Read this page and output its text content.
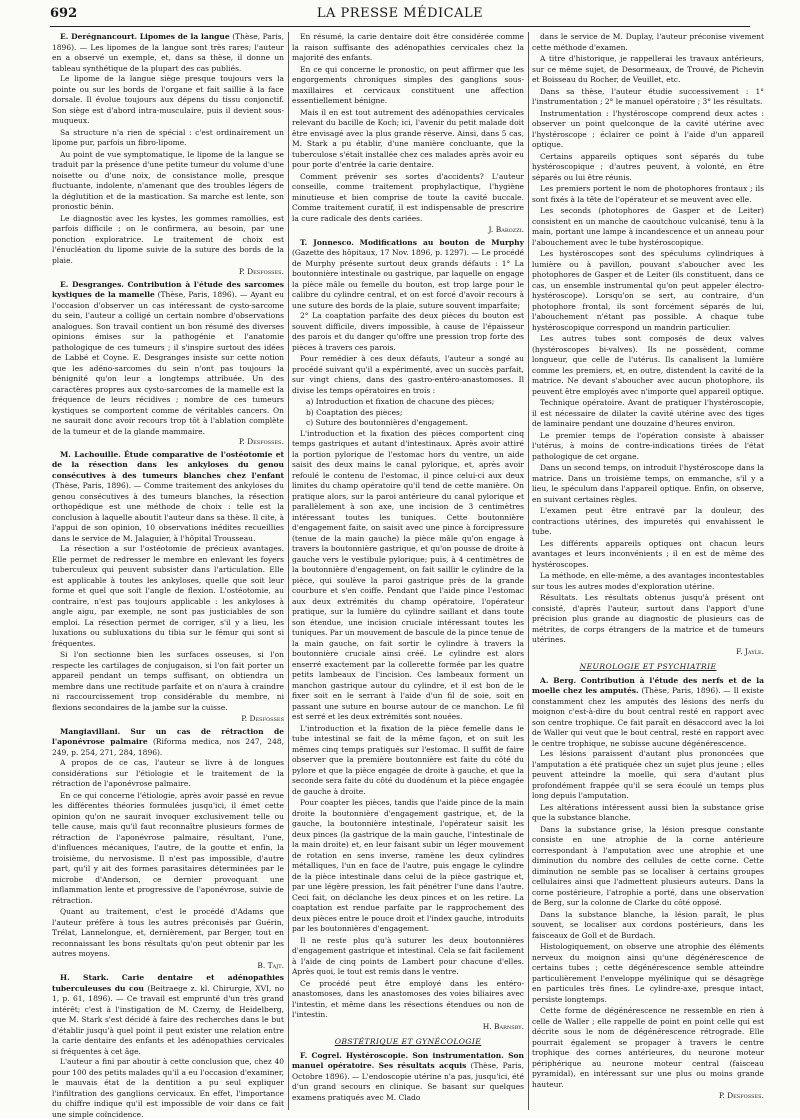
692	LA PRESSE MÉDICALE

E. Derégnancourt. Lipomes de la langue (Thèse, Paris, 1896). — Les lipomes de la langue sont très rares; l'auteur en a observé un exemple, et, dans sa thèse, il donne un tableau synthétique de la plupart des cas publiés.

Le lipome de la langue siège presque toujours vers la pointe ou sur les bords de l'organe et fait saillie à la face dorsale. Il évolue toujours aux dépens du tissu conjonctif. Son siège est d'abord intra-musculaire, puis il devient sous-muqueux.

Sa structure n'a rien de spécial : c'est ordinairement un lipome pur, parfois un fibro-lipome.

Au point de vue symptomatique, le lipome de la langue se traduit par la présence d'une petite tumeur du volume d'une noisette ou d'une noix, de consistance molle, presque fluctuante, indolente, n'amenant que des troubles légers de la déglutition et de la mastication. Sa marche est lente, son pronostic bénin.

Le diagnostic avec les kystes, les gommes ramollies, est parfois difficile ; on le confirmera, au besoin, par une ponction exploratrice. Le traitement de choix est l'énucléation du lipome suivie de la suture des bords de la plaie.

P. Desfosses.

E. Desgranges. Contribution à l'étude des sarcomes kystiques de la mamelle (Thèse, Paris, 1896). — Ayant eu l'occasion d'observer un cas intéressant de cysto-sarcome du sein, l'auteur a colligé un certain nombre d'observations analogues. Son travail contient un bon résumé des diverses opinions émises sur la pathogénie et l'anatomie pathologique de ces tumeurs ; il s'inspire surtout des idées de Labbé et Coyne. E. Desgranges insiste sur cette notion que les adéno-sarcomes du sein n'ont pas toujours la bénignité qu'on leur a longtemps attribuée. Un des caractères propres aux cysto-sarcomes de la mamelle est la fréquence de leurs récidives ; nombre de ces tumeurs kystiques se comportent comme de véritables cancers. On ne saurait donc avoir recours trop tôt à l'ablation complète de la tumeur et de la glande mammaire.

P. Desfosses.

M. Lachouille. Étude comparative de l'ostéotomie et de la résection dans les ankyloses du genou consécutives à des tumeurs blanches chez l'enfant (Thèse, Paris, 1896). — Comme traitement des ankyloses du genou consécutives à des tumeurs blanches, la résection orthopédique est une méthode de choix : telle est la conclusion à laquelle aboutit l'auteur dans sa thèse. Il cite, à l'appui de son opinion, 10 observations inédites recueillies dans le service de M. Jalaguier, à l'hôpital Trousseau.

La résection a sur l'ostéotomie de précieux avantages. Elle permet de redresser le membre en enlevant les foyers tuberculeux qui peuvent subsister dans l'articulation. Elle est applicable à toutes les ankyloses, quelle que soit leur forme et quel que soit l'angle de flexion. L'ostéotomie, au contraire, n'est pas toujours applicable : les ankyloses à angle aigu, par exemple, ne sont pas justiciables de son emploi. La résection permet de corriger, s'il y a lieu, les luxations ou subluxations du tibia sur le fémur qui sont si fréquentes.

Si l'on sectionne bien les surfaces osseuses, si l'on respecte les cartilages de conjugaison, si l'on fait porter un appareil pendant un temps suffisant, on obtiendra un membre dans une rectitude parfaite et on n'aura à craindre ni raccourcissement trop considérable du membre, ni flexions secondaires de la jambe sur la cuisse.

P. Desfosses

Mangiavillani. Sur un cas de rétraction de l'aponévrose palmaire (Riforma medica, nos 247, 248, 249, p. 254, 271, 284, 1896).

A propos de ce cas, l'auteur se livre à de longues considérations sur l'étiologie et le traitement de la rétraction de l'aponévrose palmaire.

En ce qui concerne l'étiologie, après avoir passé en revue les différentes théories formulées jusqu'ici, il émet cette opinion qu'on ne saurait invoquer exclusivement telle ou telle cause, mais qu'il faut reconnaître plusieurs formes de rétraction de l'aponévrose palmaire, résultant, l'une, d'influences mécaniques, l'autre, de la goutte et enfin, la troisième, du nervosisme. Il n'est pas impossible, d'autre part, qu'il y ait des formes parasitaires déterminées par le microbe d'Anderson, ce dernier provoquant une inflammation lente et progressive de l'aponévrose, suivie de rétraction.

Quant au traitement, c'est le procédé d'Adams que l'auteur préfère à tous les autres préconisés par Guérin, Trélat, Lannelongue, et, dernièrement, par Berger, tout en reconnaissant les bons résultats qu'on peut obtenir par les autres moyens.

B. Tajt.

H. Stark. Carie dentaire et adénopathies tuberculeuses du cou (Beitraege z. kl. Chirurgie, XVI, no 1, p. 61, 1896). — Ce travail est emprunté d'un très grand intérêt; c'est à l'instigation de M. Czerny, de Heidelberg, que M. Stark s'est décidé à faire des recherches dans le but d'établir jusqu'à quel point il peut exister une relation entre la carie dentaire des enfants et les adénopathies cervicales si fréquentes à cet âge.

L'auteur a fini par aboutir à cette conclusion que, chez 40 pour 100 des petits malades qu'il a eu l'occasion d'examiner, le mauvais état de la dentition a pu seul expliquer l'infiltration des ganglions cervicaux. En effet, l'importance du chiffre indique qu'il est impossible de voir dans ce fait une simple coïncidence.

En résumé, la carie dentaire doit être considérée comme la raison suffisante des adénopathies cervicales chez la majorité des enfants.

En ce qui concerne le pronostic, on peut affirmer que les engorgements chroniques simples des ganglions sous-maxillaires et cervicaux constituent une affection essentiellement bénigne.

Mais il en est tout autrement des adénopathies cervicales relevant du bacille de Koch; ici, l'avenir du petit malade doit être envisagé avec la plus grande réserve. Ainsi, dans 5 cas, M. Stark a pu établir, d'une manière concluante, que la tuberculose s'était installée chez ces malades après avoir eu pour porte d'entrée la carie dentaire.

Comment prévenir ses sortes d'accidents? L'auteur conseille, comme traitement prophylactique, l'hygiène minutieuse et bien comprise de toute la cavité buccale. Comme traitement curatif, il est indispensable de prescrire la cure radicale des dents cariées.

J. Barozzi.

T. Jonnesco. Modifications au bouton de Murphy (Gazette des hôpitaux, 17 Nov. 1896, p. 1297). — Le procédé de Murphy présente surtout deux grands défauts : 1° La boutonnière intestinale ou gastrique, par laquelle on engage la pièce mâle ou femelle du bouton, est trop large pour le calibre du cylindre central, et on est forcé d'avoir recours à une suture des bords de la plaie, suture souvent imparfaite;

2° La coaptation parfaite des deux pièces du bouton est souvent difficile, divers impossible, à cause de l'épaisseur des parois et du danger qu'offre une pression trop forte des pièces à travers ces parois.

Pour remédier à ces deux défauts, l'auteur a songé au procédé suivant qu'il a expérimenté, avec un succès parfait, sur vingt chiens, dans des gastro-entéro-anastomoses. Il divise les temps opératoires en trois :

a) Introduction et fixation de chacune des pièces;

b) Coaptation des pièces;

c) Suture des boutonnières d'engagement.

L'introduction et la fixation des pièces comportent cinq temps gastriques et autant d'intestinaux. Après avoir attiré la portion pylorique de l'estomac hors du ventre, un aide saisit des deux mains le canal pylorique, et, après avoir refoulé le contenu de l'estomac, il pince celui-ci aux deux limites du champ opératoire qu'il tend de cette manière. On pratique alors, sur la paroi antérieure du canal pylorique et parallèlement à son axe, une incision de 3 centimètres intéressant toutes les tuniques. Cette boutonnière d'engagement faite, on saisit avec une pince à forcipressure (tenue de la main gauche) la pièce mâle qu'on engage à travers la boutonnière gastrique, et qu'on pousse de droite à gauche vers le vestibule pylorique; puis, à 4 centimètres de la boutonnière d'engagement, on fait saillir le cylindre de la pièce, qui soulève la paroi gastrique près de la grande courbure et s'en coiffe. Pendant que l'aide pince l'estomac aux deux extrémités du champ opératoire, l'opérateur pratique, sur la lumière du cylindre saillant et dans toute son étendue, une incision cruciale intéressant toutes les tuniques. Par un mouvement de bascule de la pince tenue de la main gauche, on fait sortir le cylindre à travers la boutonnière cruciale ainsi créé. Le cylindre est alors enserré exactement par la collerette formée par les quatre petits lambeaux de l'incision. Ces lambeaux forment un manchon gastrique autour du cylindre, et il est bon de le fixer soit en le serrant à l'aide d'un fil de soie, soit en passant une suture en bourse autour de ce manchon. Le fil est serré et les deux extrémités sont nouées.

L'introduction et la fixation de la pièce femelle dans le tube intestinal se fait de la même façon, et on suit les mêmes cinq temps pratiqués sur l'estomac. Il suffit de faire observer que la première boutonnière est faite du côté du pylore et que la pièce engagée de droite à gauche, et que la seconde sera faite du côté du duodénum et la pièce engagée de gauche à droite.

Pour coapter les pièces, tandis que l'aide pince de la main droite la boutonnière d'engagement gastrique, et, de la gauche, la boutonnière intestinale, l'opérateur saisit les deux pinces (la gastrique de la main gauche, l'intestinale de la main droite) et, en leur faisant subir un léger mouvement de rotation en sens inverse, ramène les deux cylindres métalliques, l'un en face de l'autre, puis engage le cylindre de la pièce intestinale dans celui de la pièce gastrique et, par une légère pression, les fait pénétrer l'une dans l'autre. Ceci fait, on déclanche les deux pinces et on les retire. La coaptation est rendue parfaite par le rapprochement des deux pièces entre le pouce droit et l'index gauche, introduits par les boutonnières d'engagement.

Il ne reste plus qu'à suturer les deux boutonnières d'engagement gastrique et intestinal. Cela se fait facilement à l'aide de cinq points de Lambert pour chacune d'elles. Après quoi, le tout est remis dans le ventre.

Ce procédé peut être employé dans les entéro-anastomoses, dans les anastomoses des voies biliaires avec l'intestin, et même dans les résections étendues ou non de l'intestin.

H. Barnsby.

OBSTÉTRIQUE ET GYNÉCOLOGIE

F. Cogrel. Hystéroscopie. Son instrumentation. Son manuel opératoire. Ses résultats acquis (Thèse, Paris, Octobre 1896). — L'endoscopie utérine n'a pas, jusqu'ici, été d'un grand secours en clinique. Se basant sur quelques examens pratiqués avec M. Clado

dans le service de M. Duplay, l'auteur préconise vivement cette méthode d'examen.

A titre d'historique, je rappellerai les travaux antérieurs, sur ce même sujet, de Desormeaux, de Trouvé, de Pichevin et Boisseau du Rocher, de Veuillet, etc.

Dans sa thèse, l'auteur étudie successivement : 1° l'instrumentation ; 2° le manuel opératoire ; 3° les résultats.

Instrumentation : l'hystéroscope comprend deux actes : observer un point quelconque de la cavité utérine avec l'hystéroscope ; éclairer ce point à l'aide d'un appareil optique.

Certains appareils optiques sont séparés du tube hystéroscopique ; d'autres peuvent, à volonté, en être séparés ou lui être réunis.

Les premiers portent le nom de photophores frontaux ; ils sont fixés à la tête de l'opérateur et se meuvent avec elle.

Les seconds (photophores de Gasper et de Leiter) consistent en un manche de caoutchouc vulcanisé, tenu à la main, portant une lampe à incandescence et un anneau pour l'abouchement avec le tube hystéroscopique.

Les hystéroscopes sont des spéculums cylindriques à lumière ou à pavillon, pouvant s'aboucher avec les photophores de Gasper et de Leiter (ils constituent, dans ce cas, un ensemble instrumental qu'on peut appeler électro-hystéroscope). Lorsqu'on se sert, au contraire, d'un photophore frontal, ils sont forcément séparés de lui, l'abouchement n'étant pas possible. A chaque tube hystéroscopique correspond un mandrin particulier.

Les autres tubes sont composés de deux valves (hystéroscopes bi-valves). Ils ne possèdent, comme longueur, que celle de l'utérus. Ils canalisent la lumière comme les premiers, et, en outre, distendent la cavité de la matrice. Ne devant s'aboucher avec aucun photophore, ils peuvent être employés avec n'importe quel appareil optique.

Technique opératoire. Avant de pratiquer l'hystéroscopie, il est nécessaire de dilater la cavité utérine avec des tiges de laminaire pendant une douzaine d'heures environ.

Le premier temps de l'opération consiste à abaisser l'utérus, à moins de contre-indications tirées de l'état pathologique de cet organe.

Dans un second temps, on introduit l'hystéroscope dans la matrice. Dans un troisième temps, on emmanche, s'il y a lieu, le spéculum dans l'appareil optique. Enfin, on observe, en suivant certaines règles.

L'examen peut être entravé par la douleur, des contractions utérines, des impuretés qui envahissent le tube.

Les différents appareils optiques ont chacun leurs avantages et leurs inconvénients ; il en est de même des hystéroscopes.

La méthode, en elle-même, a des avantages incontestables sur tous les autres modes d'exploration utérine.

Résultats. Les résultats obtenus jusqu'à présent ont consisté, d'après l'auteur, surtout dans l'apport d'une précision plus grande au diagnostic de plusieurs cas de métrites, de corps étrangers de la matrice et de tumeurs utérines.

F. Jayle.

NEUROLOGIE ET PSYCHIATRIE

A. Berg. Contribution à l'étude des nerfs et de la moelle chez les amputés. (Thèse, Paris, 1896). — Il existe constamment chez les amputés des lésions des nerfs du moignon c'est-à-dire du bout central resté en rapport avec son centre trophique. Ce fait paraît en désaccord avec la loi de Waller qui veut que le bout central, resté en rapport avec le centre trophique, ne subisse aucune dégénérescence.

Les lésions paraissent d'autant plus prononcées que l'amputation a été pratiquée chez un sujet plus jeune ; elles peuvent atteindre la moelle, qui sera d'autant plus profondément frappée qu'il se sera écoulé un temps plus long depuis l'amputation.

Les altérations intéressent aussi bien la substance grise que la substance blanche.

Dans la substance grise, la lésion presque constante consiste en une atrophie de la corne antérieure correspondant à l'amputation avec une atrophie et une diminution du nombre des cellules de cette corne. Cette diminution ne semble pas se localiser à certains groupes cellulaires ainsi que l'admettent plusieurs auteurs. Dans la corne postérieure, l'atrophie a porté, dans une observation de Berg, sur la colonne de Clarke du côté opposé.

Dans la substance blanche, la lésion paraît, le plus souvent, se localiser aux cordons postérieurs, dans les faisceaux de Goll et de Burdach.

Histologiquement, on observe une atrophie des éléments nerveux du moignon ainsi qu'une dégénérescence de certains tubes ; cette dégénérescence semble atteindre particulièrement l'enveloppe myélinique qui se désagrège en particules très fines. Le cylindre-axe, presque intact, persiste longtemps.

Cette forme de dégénérescence ne ressemble en rien à celle de Waller ; elle rappelle de point en point celle qui est décrite sous le nom de dégénérescence rétrograde. Elle pourrait également se propager à travers le centre trophique des cornes antérieures, du neurone moteur périphérique au neurone moteur central (faisceau pyramidal), en intéressant sur une plus ou moins grande hauteur.

P. Desfosses.
